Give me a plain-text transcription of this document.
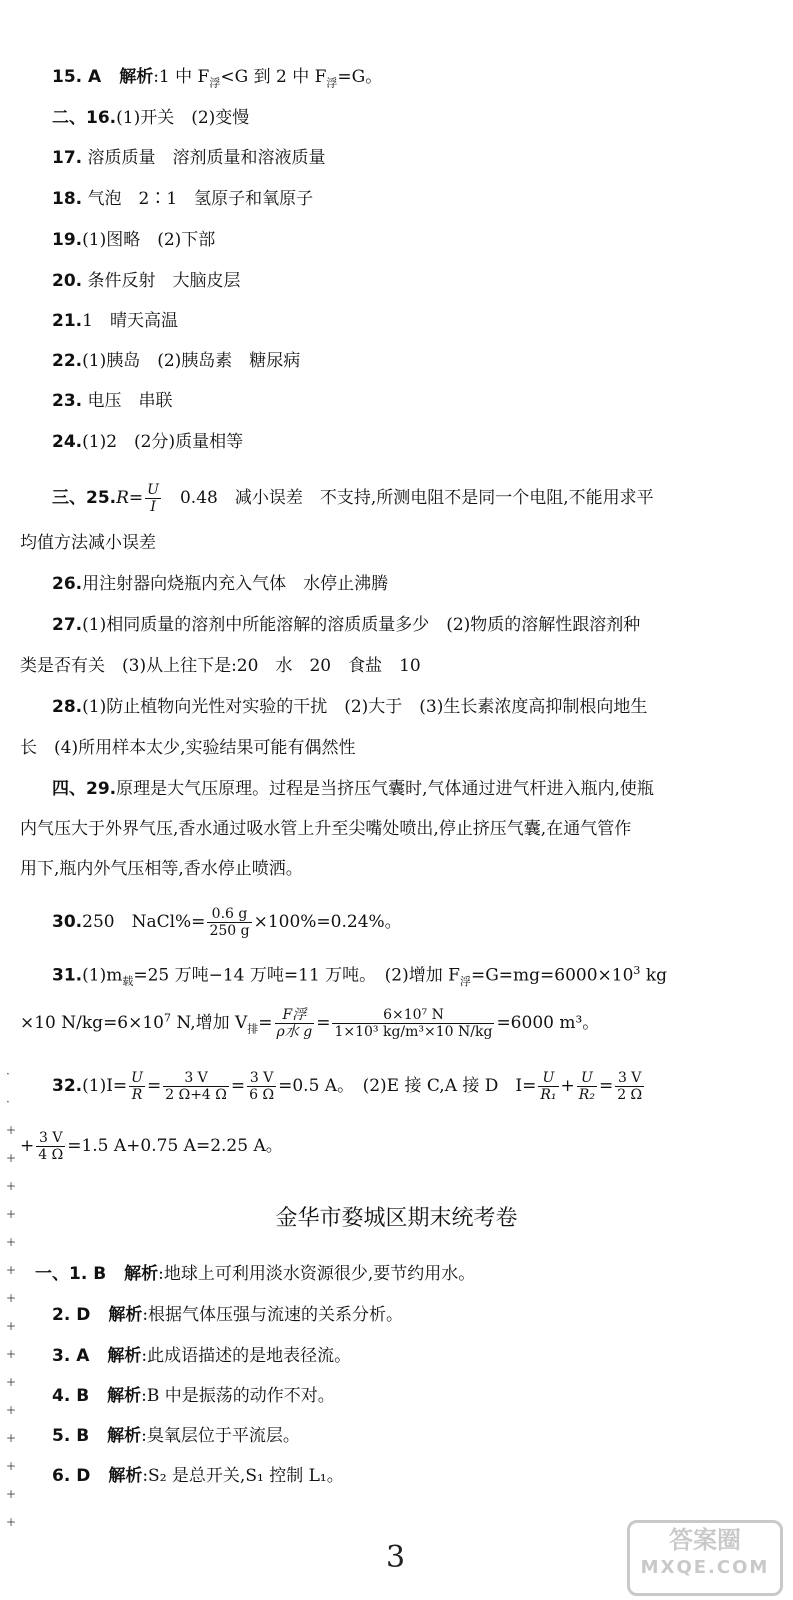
15. A 解析:1 中 $F_浮<G$ 到 2 中 $F_浮=G$。
二、16.(1)开关　(2)变慢
17. 溶质质量　溶剂质量和溶液质量
18. 气泡　2∶1　氢原子和氧原子
19.(1)图略　(2)下部
20. 条件反射　大脑皮层
21.1　晴天高温
22.(1)胰岛　(2)胰岛素　糖尿病
23. 电压　串联
24.(1)2　(2分)质量相等
三、$25.R= \frac{U}{I}$ 　0.48　减小误差　不支持,所测电阻不是同一个电阻,不能用求平
均值方法减小误差
26.用注射器向烧瓶内充入气体　水停止沸腾
27.(1)相同质量的溶剂中所能溶解的溶质质量多少　(2)物质的溶解性跟溶剂种
类是否有关　(3)从上往下是:20　水　20　食盐　10
28.(1)防止植物向光性对实验的干扰　(2)大于　(3)生长素浓度高抑制根向地生
长　(4)所用样本太少,实验结果可能有偶然性
四、29.原理是大气压原理。过程是当挤压气囊时,气体通过进气杆进入瓶内,使瓶
内气压大于外界气压,香水通过吸水管上升至尖嘴处喷出,停止挤压气囊,在通气管作
用下,瓶内外气压相等,香水停止喷洒。
30.250　NaCl%= $\frac{0.6 g}{250 g} \times 100\%=0.24\%$。
$31.(1)m_载=25$ 万吨−14 万吨=11 万吨。　(2)增加 $F_浮=G=mg=6000\times 10^3$ kg
×10 $N/kg=6\times 10^7$ N,增加 $V_排= \frac{\text{F浮}}{\text{ρ水 g}} = \frac{\text{6×10⁷ N}}{\text{1×10³ kg/m³×10 N/kg}} =6000$ m³。
$32.(1)I= \frac{U}{R} = \frac{3 V}{2 \Omega+4 \Omega} = \frac{3 V}{6 \Omega} =0.5$ A。　(2)E 接 C,A 接 D　$I= \frac{U}{\text{R₁}} + \frac{U}{\text{R₂}} = \frac{3 V}{2 \Omega}$
+ $\frac{3 V}{4 \Omega} =1.5$ A+0.75 A=2.25 A。
金华市婺城区期末统考卷
一、1. B 解析:地球上可利用淡水资源很少,要节约用水。
2. D 解析:根据气体压强与流速的关系分析。
3. A 解析:此成语描述的是地表径流。
4. B 解析:B 中是振荡的动作不对。
5. B 解析:臭氧层位于平流层。
6. D 解析:S₂ 是总开关,S₁ 控制 L₁。
·
·
+
+
+
+
+
+
+
+
+
+
+
+
+
+
+
3	答案圈
MXQE.COM
